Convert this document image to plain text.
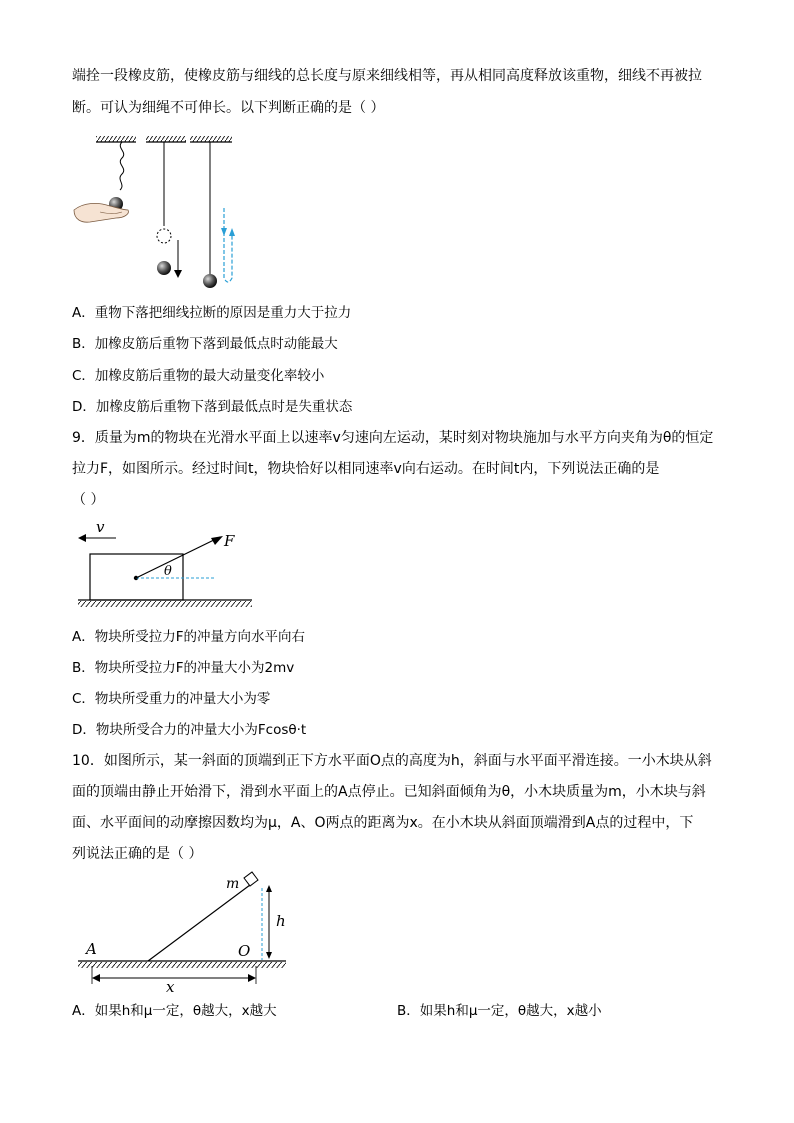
端拴一段橡皮筋，使橡皮筋与细线的总长度与原来细线相等，再从相同高度释放该重物，细线不再被拉
断。可认为细绳不可伸长。以下判断正确的是（ ）
A．重物下落把细线拉断的原因是重力大于拉力
B．加橡皮筋后重物下落到最低点时动能最大
C．加橡皮筋后重物的最大动量变化率较小
D．加橡皮筋后重物下落到最低点时是失重状态
9．质量为m的物块在光滑水平面上以速率v匀速向左运动，某时刻对物块施加与水平方向夹角为θ的恒定
拉力F，如图所示。经过时间t，物块恰好以相同速率v向右运动。在时间t内，下列说法正确的是
（ ）
v
F
θ
A．物块所受拉力F的冲量方向水平向右
B．物块所受拉力F的冲量大小为2mv
C．物块所受重力的冲量大小为零
D．物块所受合力的冲量大小为Fcosθ·t
10．如图所示，某一斜面的顶端到正下方水平面O点的高度为h，斜面与水平面平滑连接。一小木块从斜
面的顶端由静止开始滑下，滑到水平面上的A点停止。已知斜面倾角为θ，小木块质量为m，小木块与斜
面、水平面间的动摩擦因数均为μ，A、O两点的距离为x。在小木块从斜面顶端滑到A点的过程中，下
列说法正确的是（ ）
m
h
A	O
x
A．如果h和μ一定，θ越大，x越大	B．如果h和μ一定，θ越大，x越小
